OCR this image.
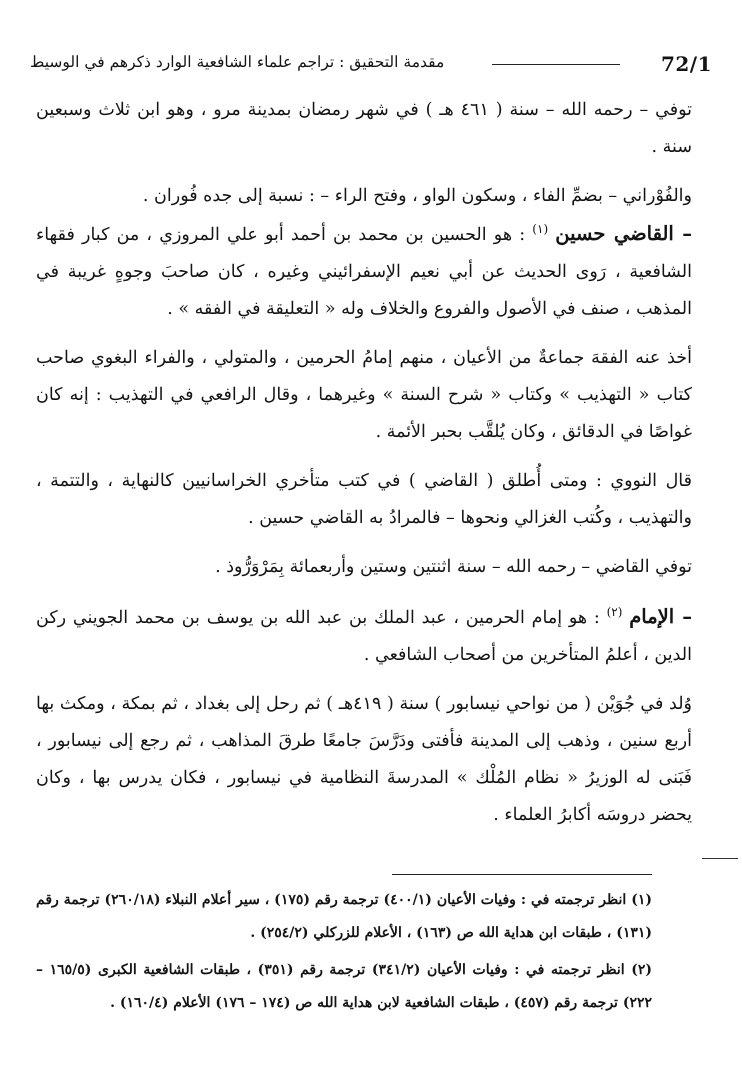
72/1
مقدمة التحقيق : تراجم علماء الشافعية الوارد ذكرهم في الوسيط

توفي – رحمه الله – سنة ( ٤٦١ هـ ) في شهر رمضان بمدينة مرو ، وهو ابن ثلاث وسبعين سنة .

والفُوْراني – بضمِّ الفاء ، وسكون الواو ، وفتح الراء – : نسبة إلى جده فُوران .

– القاضي حسين $^{(١)}$ : هو الحسين بن محمد بن أحمد أبو علي المروزي ، من كبار فقهاء الشافعية ، رَوى الحديث عن أبي نعيم الإسفرائيني وغيره ، كان صاحبَ وجوهٍ غريبة في المذهب ، صنف في الأصول والفروع والخلاف وله « التعليقة في الفقه » .

أخذ عنه الفقهَ جماعةٌ من الأعيان ، منهم إمامُ الحرمين ، والمتولي ، والفراء البغوي صاحب كتاب « التهذيب » وكتاب « شرح السنة » وغيرهما ، وقال الرافعي في التهذيب : إنه كان غواصًا في الدقائق ، وكان يُلقَّب بحبر الأئمة .

قال النووي : ومتى أُطلق ( القاضي ) في كتب متأخري الخراسانيين كالنهاية ، والتتمة ، والتهذيب ، وكُتب الغزالي ونحوها – فالمرادُ به القاضي حسين .

توفي القاضي – رحمه الله – سنة اثنتين وستين وأربعمائة بِمَرْوَرُّوذ .

– الإمام $^{(٢)}$ : هو إمام الحرمين ، عبد الملك بن عبد الله بن يوسف بن محمد الجويني ركن الدين ، أعلمُ المتأخرين من أصحاب الشافعي .

وُلد في جُوَيْن ( من نواحي نيسابور ) سنة ( ٤١٩هـ ) ثم رحل إلى بغداد ، ثم بمكة ، ومكث بها أربع سنين ، وذهب إلى المدينة فأفتى ودَرَّسَ جامعًا طرقَ المذاهب ، ثم رجع إلى نيسابور ، فَبَنى له الوزيرُ « نظام المُلْك » المدرسةَ النظامية في نيسابور ، فكان يدرس بها ، وكان يحضر دروسَه أكابرُ العلماء .

(١) انظر ترجمته في : وفيات الأعيان (٤٠٠/١) ترجمة رقم (١٧٥) ، سير أعلام النبلاء (٢٦٠/١٨) ترجمة رقم (١٣١) ، طبقات ابن هداية الله ص (١٦٣) ، الأعلام للزركلي (٢٥٤/٢) .

(٢) انظر ترجمته في : وفيات الأعيان (٣٤١/٢) ترجمة رقم (٣٥١) ، طبقات الشافعية الكبرى (١٦٥/٥ – ٢٢٢) ترجمة رقم (٤٥٧) ، طبقات الشافعية لابن هداية الله ص (١٧٤ – ١٧٦) الأعلام (١٦٠/٤) .
